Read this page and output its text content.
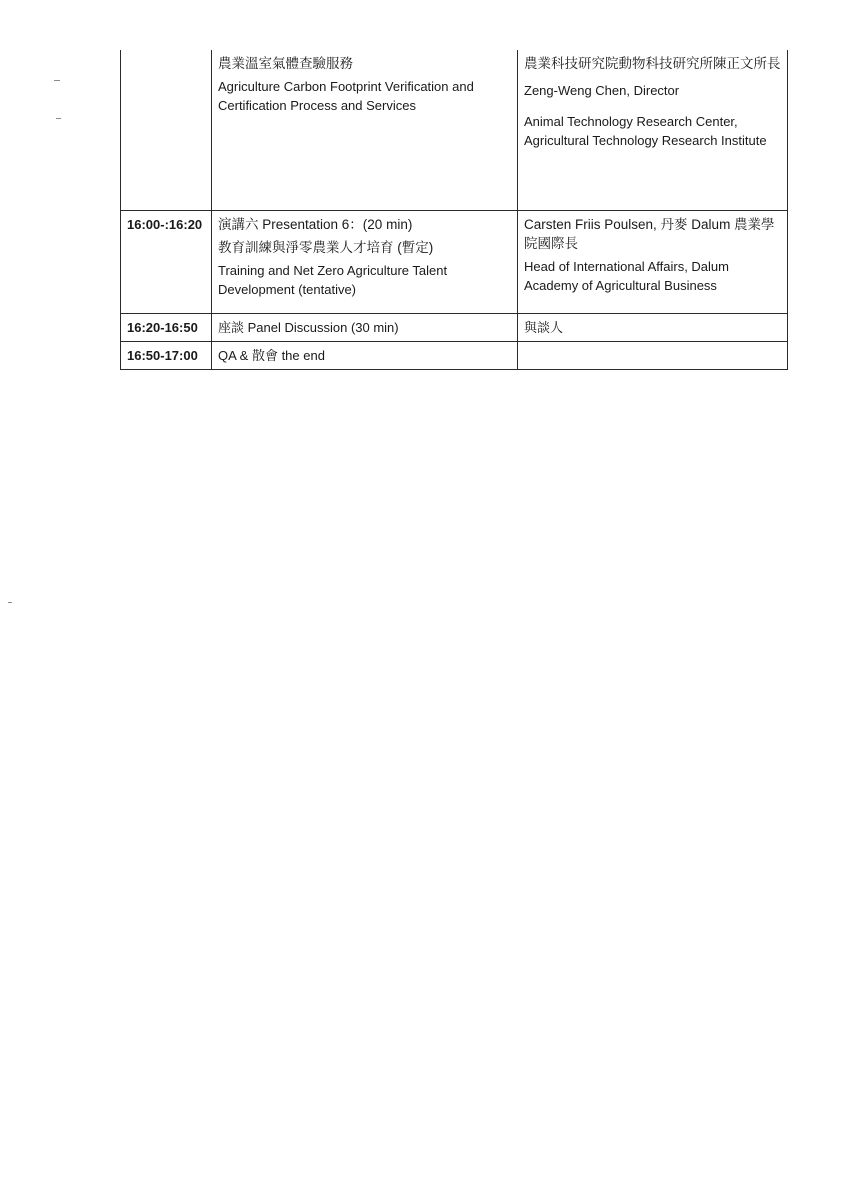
	農業溫室氣體查驗服務
Agriculture Carbon Footprint Verification and Certification Process and Services	農業科技研究院動物科技研究所陳正文所長
Zeng-Weng Chen, Director
Animal Technology Research Center, Agricultural Technology Research Institute

16:00-:16:20	演講六 Presentation 6：(20 min)
教育訓練與淨零農業人才培育 (暫定)
Training and Net Zero Agriculture Talent Development (tentative)	Carsten Friis Poulsen, 丹麥 Dalum 農業學院國際長
Head of International Affairs, Dalum Academy of Agricultural Business

16:20-16:50	座談 Panel Discussion (30 min)	與談人
16:50-17:00	QA & 散會 the end	
